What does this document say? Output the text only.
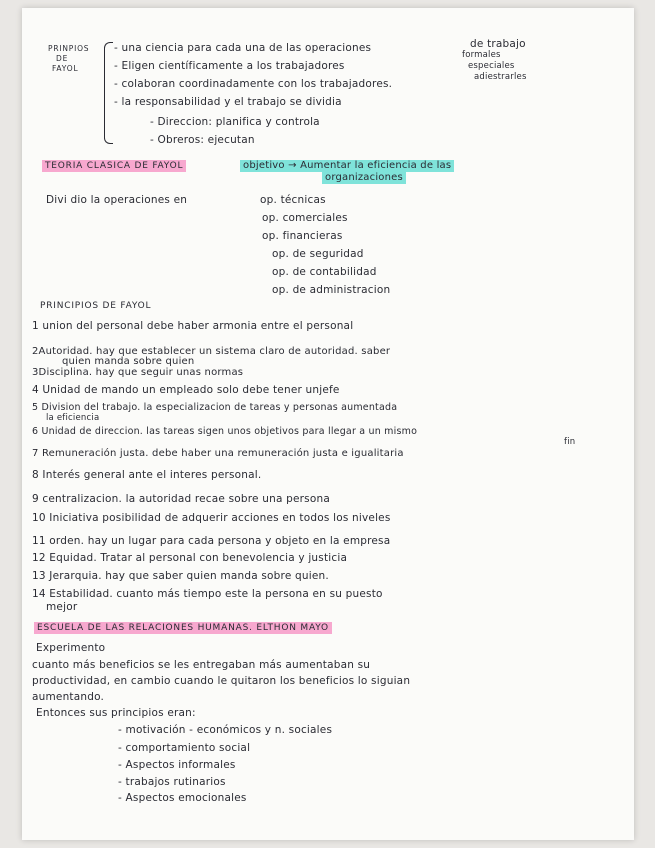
PRINPIOS

DE

FAYOL

- una ciencia para cada una de las operaciones

- Eligen científicamente a los trabajadores

- colaboran coordinadamente con los trabajadores.

- la responsabilidad y el trabajo se dividia

- Direccion: planifica y controla

- Obreros: ejecutan

de trabajo

formales

especiales

adiestrarles

TEORIA CLASICA DE FAYOL	objetivo → Aumentar la eficiencia de las

organizaciones

Divi dio la operaciones en	op. técnicas

op. comerciales

op. financieras

op. de seguridad

op. de contabilidad

op. de administracion

PRINCIPIOS DE FAYOL

1 union del personal debe haber armonia entre el personal

2Autoridad. hay que establecer un sistema claro de autoridad. saber

quien manda sobre quien

3Disciplina. hay que seguir unas normas

4 Unidad de mando un empleado solo debe tener unjefe

5 Division del trabajo. la especializacion de tareas y personas aumentada

la eficiencia

6 Unidad de direccion. las tareas sigen unos objetivos para llegar a un mismo

fin

7 Remuneración justa. debe haber una remuneración justa e igualitaria

8 Interés general ante el interes personal.

9 centralizacion. la autoridad recae sobre una persona

10 Iniciativa posibilidad de adquerir acciones en todos los niveles

11 orden. hay un lugar para cada persona y objeto en la empresa

12 Equidad. Tratar al personal con benevolencia y justicia

13 Jerarquia. hay que saber quien manda sobre quien.

14 Estabilidad. cuanto más tiempo este la persona en su puesto

mejor

ESCUELA DE LAS RELACIONES HUMANAS. ELTHON MAYO

Experimento

cuanto más beneficios se les entregaban más aumentaban su

productividad, en cambio cuando le quitaron los beneficios lo siguian

aumentando.

Entonces sus principios eran:

- motivación - económicos y n. sociales

- comportamiento social

- Aspectos informales

- trabajos rutinarios

- Aspectos emocionales
